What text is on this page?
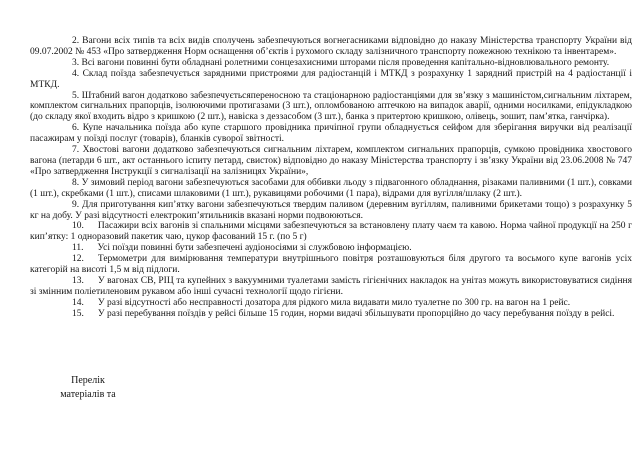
2. Вагони всіх типів та всіх видів сполучень забезпечуються вогнегасниками відповідно до наказу Міністерства транспорту України від 09.07.2002 № 453 «Про затвердження Норм оснащення об’єктів і рухомого складу залізничного транспорту пожежною технікою та інвентарем».

3. Всі вагони повинні бути обладнані ролетними сонцезахисними шторами після проведення капітально-відновлювального ремонту.

4. Склад поїзда забезпечується зарядними пристроями для радіостанцій і МТКД з розрахунку 1 зарядний пристрій на 4 радіостанції і МТКД.

5. Штабний вагон додатково забезпечуєтьсяпереносною та стаціонарною радіостанціями для зв’язку з машиністом,сигнальним ліхтарем, комплектом сигнальних прапорців, ізолюючими протигазами (3 шт.), опломбованою аптечкою на випадок аварії, одними носилками, епідукладкою (до складу якої входить відро з кришкою (2 шт.), навіска з деззасобом (3 шт.), банка з притертою кришкою, олівець, зошит, пам’ятка, ганчірка).

6. Купе начальника поїзда або купе старшого провідника причіпної групи обладнується сейфом для зберігання виручки від реалізації пасажирам у поїзді послуг (товарів), бланків суворої звітності.

7. Хвостові вагони додатково забезпечуються сигнальним ліхтарем, комплектом сигнальних прапорців, сумкою провідника хвостового вагона (петарди 6 шт., акт останнього іспиту петард, свисток) відповідно до наказу Міністерства транспорту і зв’язку України від 23.06.2008 № 747 «Про затвердження Інструкції з сигналізації на залізницях України»,

8. У зимовий період вагони забезпечуються засобами для оббивки льоду з підвагонного обладнання, різаками паливними (1 шт.), совками (1 шт.), скребками (1 шт.), списами шлаковими (1 шт.), рукавицями робочими (1 пара), відрами для вугілля/шлаку (2 шт.).

9. Для приготування кип’ятку вагони забезпечуються твердим паливом (деревним вугіллям, паливними брикетами тощо) з розрахунку 5 кг на добу. У разі відсутності електрокип’ятильників вказані норми подвоюються.

10. Пасажири всіх вагонів зі спальними місцями забезпечуються за встановлену плату чаєм та кавою. Норма чайної продукції на 250 г кип’ятку: 1 одноразовий пакетик чаю, цукор фасований 15 г. (по 5 г)

11. Усі поїзди повинні бути забезпечені аудіоносіями зі службовою інформацією.

12. Термометри для вимірювання температури внутрішнього повітря розташовуються біля другого та восьмого купе вагонів усіх категорій на висоті 1,5 м від підлоги.

13. У вагонах СВ, РІЦ та купейних з вакуумними туалетами замість гігієнічних накладок на унітаз можуть використовуватися сидіння зі змінним поліетиленовим рукавом або інші сучасні технології щодо гігієни.

14. У разі відсутності або несправності дозатора для рідкого мила видавати мило туалетне по 300 гр. на вагон на 1 рейс.

15. У разі перебування поїздів у рейсі більше 15 годин, норми видачі збільшувати пропорційно до часу перебування поїзду в рейсі.

Перелік
матеріалів та
